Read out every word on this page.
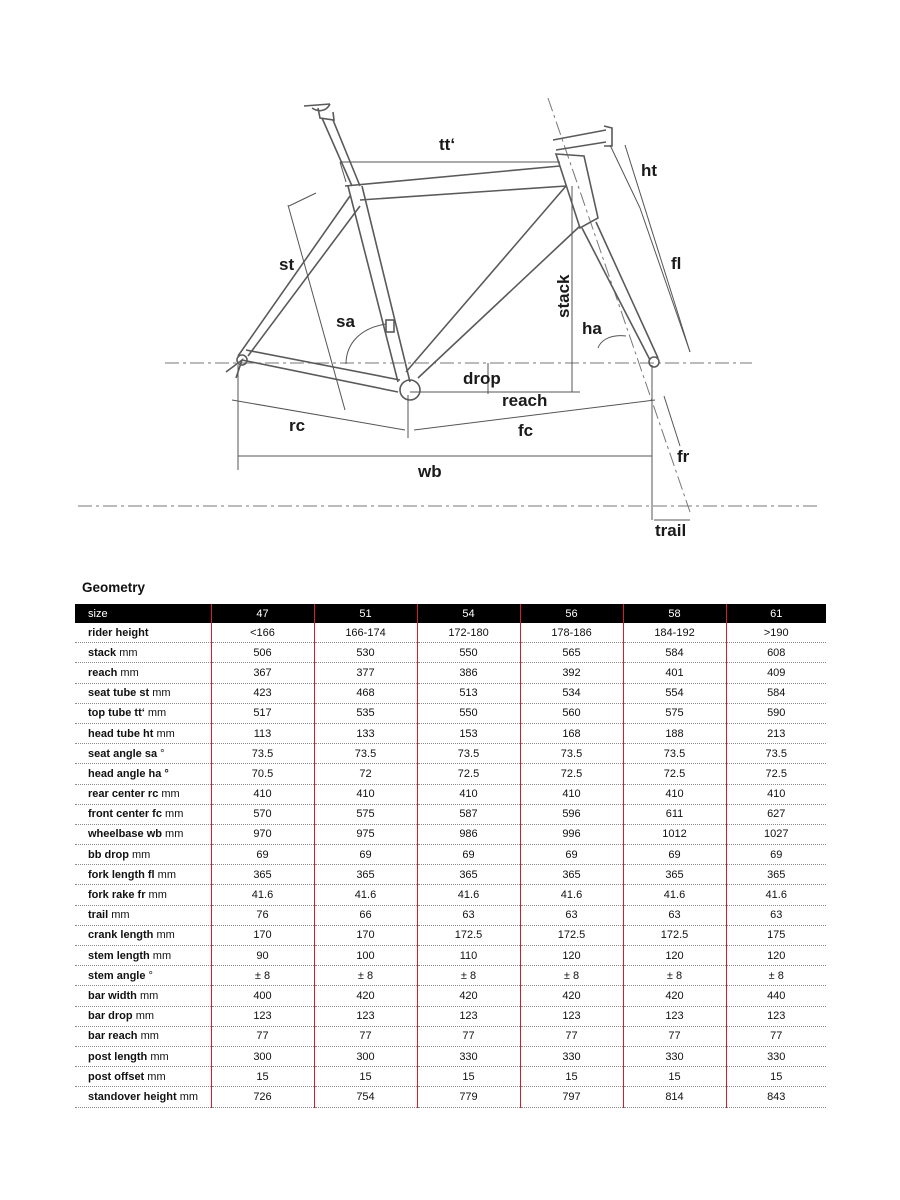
tt‘
ht
st	fl
stack
sa	ha
drop
reach
rc	fc
fr
wb
trail
Geometry
size	47	51	54	56	58	61
rider height	<166	166-174	172-180	178-186	184-192	>190
stack mm	506	530	550	565	584	608
reach mm	367	377	386	392	401	409
seat tube st mm	423	468	513	534	554	584
top tube tt‘ mm	517	535	550	560	575	590
head tube ht mm	113	133	153	168	188	213
seat angle sa °	73.5	73.5	73.5	73.5	73.5	73.5
head angle ha °	70.5	72	72.5	72.5	72.5	72.5
rear center rc mm	410	410	410	410	410	410
front center fc mm	570	575	587	596	611	627
wheelbase wb mm	970	975	986	996	1012	1027
bb drop mm	69	69	69	69	69	69
fork length fl mm	365	365	365	365	365	365
fork rake fr mm	41.6	41.6	41.6	41.6	41.6	41.6
trail mm	76	66	63	63	63	63
crank length mm	170	170	172.5	172.5	172.5	175
stem length mm	90	100	110	120	120	120
stem angle °	± 8	± 8	± 8	± 8	± 8	± 8
bar width mm	400	420	420	420	420	440
bar drop mm	123	123	123	123	123	123
bar reach mm	77	77	77	77	77	77
post length mm	300	300	330	330	330	330
post offset mm	15	15	15	15	15	15
standover height mm	726	754	779	797	814	843
